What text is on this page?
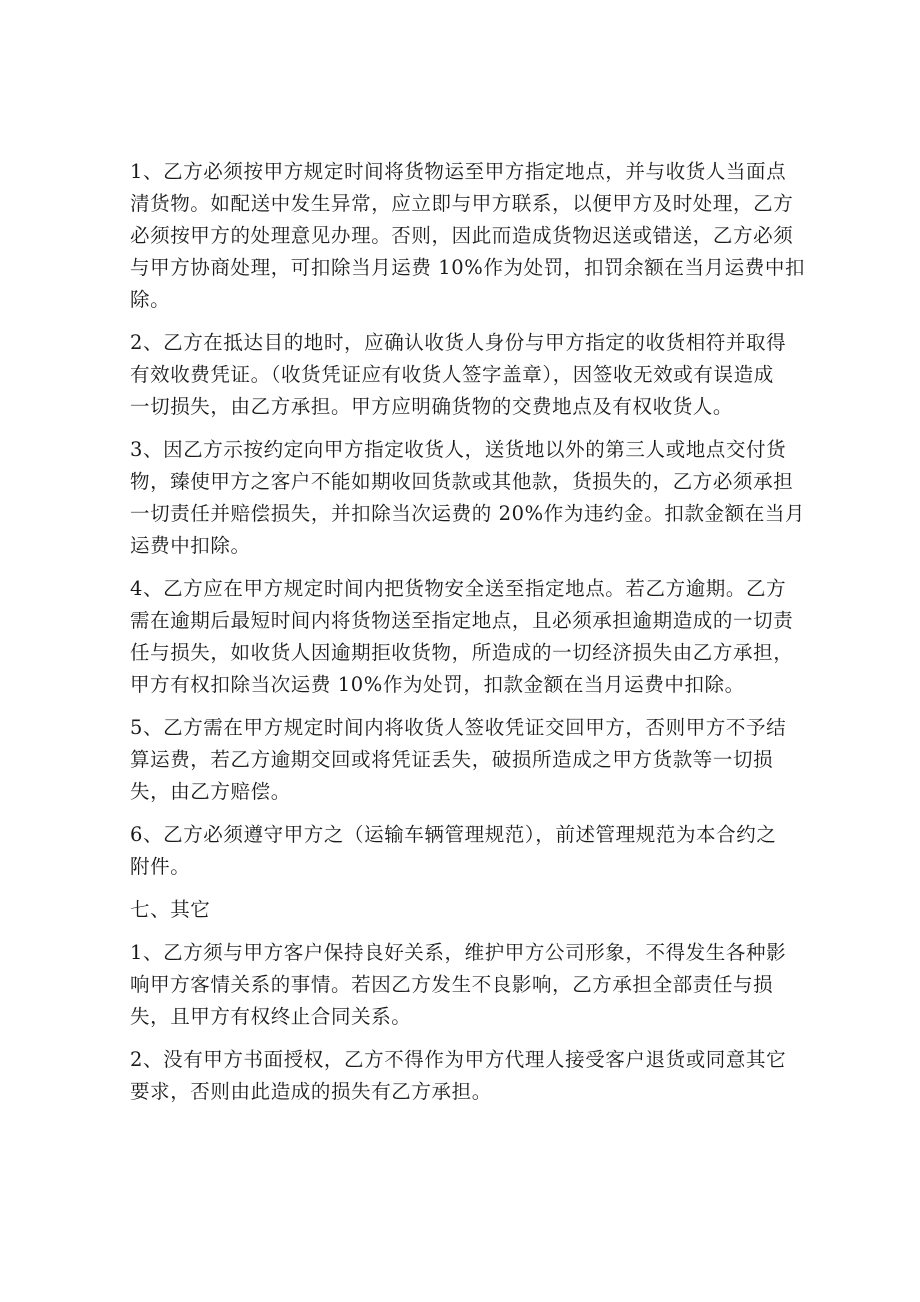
1、乙方必须按甲方规定时间将货物运至甲方指定地点，并与收货人当面点
清货物。如配送中发生异常，应立即与甲方联系，以便甲方及时处理，乙方
必须按甲方的处理意见办理。否则，因此而造成货物迟送或错送，乙方必须
与甲方协商处理，可扣除当月运费 10%作为处罚，扣罚余额在当月运费中扣
除。
2、乙方在抵达目的地时，应确认收货人身份与甲方指定的收货相符并取得
有效收费凭证。（收货凭证应有收货人签字盖章），因签收无效或有误造成
一切损失，由乙方承担。甲方应明确货物的交费地点及有权收货人。
3、因乙方示按约定向甲方指定收货人，送货地以外的第三人或地点交付货
物，臻使甲方之客户不能如期收回货款或其他款，货损失的，乙方必须承担
一切责任并赔偿损失，并扣除当次运费的 20%作为违约金。扣款金额在当月
运费中扣除。
4、乙方应在甲方规定时间内把货物安全送至指定地点。若乙方逾期。乙方
需在逾期后最短时间内将货物送至指定地点，且必须承担逾期造成的一切责
任与损失，如收货人因逾期拒收货物，所造成的一切经济损失由乙方承担，
甲方有权扣除当次运费 10%作为处罚，扣款金额在当月运费中扣除。
5、乙方需在甲方规定时间内将收货人签收凭证交回甲方，否则甲方不予结
算运费，若乙方逾期交回或将凭证丢失，破损所造成之甲方货款等一切损
失，由乙方赔偿。
6、乙方必须遵守甲方之（运输车辆管理规范），前述管理规范为本合约之
附件。
七、其它
1、乙方须与甲方客户保持良好关系，维护甲方公司形象，不得发生各种影
响甲方客情关系的事情。若因乙方发生不良影响，乙方承担全部责任与损
失，且甲方有权终止合同关系。
2、没有甲方书面授权，乙方不得作为甲方代理人接受客户退货或同意其它
要求，否则由此造成的损失有乙方承担。
